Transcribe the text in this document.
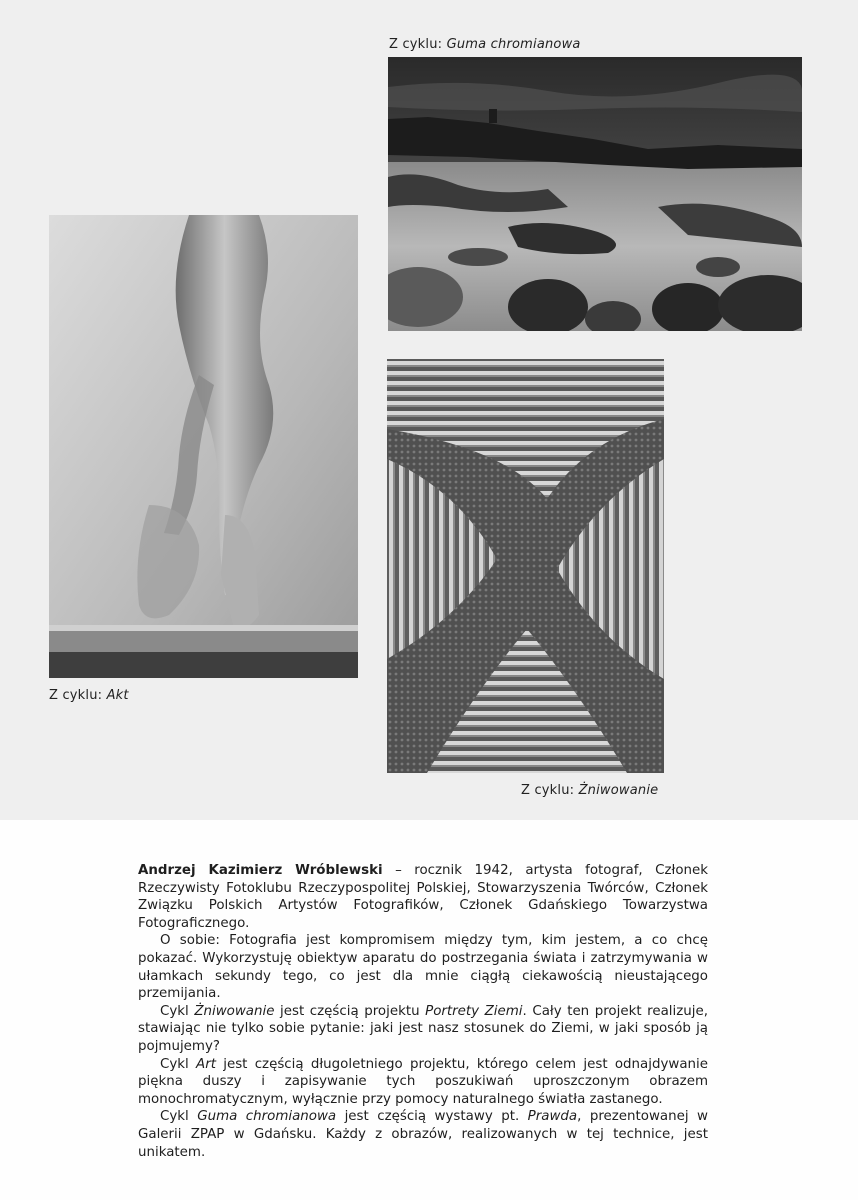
Z cyklu: Guma chromianowa
Z cyklu: Akt
Z cyklu: Żniwowanie

Andrzej Kazimierz Wróblewski – rocznik 1942, artysta fotograf, Członek Rzeczywisty Fotoklubu Rzeczypospolitej Polskiej, Stowarzyszenia Twórców, Członek Związku Polskich Artystów Fotografików, Członek Gdańskiego Towarzystwa Fotograficznego.

O sobie: Fotografia jest kompromisem między tym, kim jestem, a co chcę pokazać. Wykorzystuję obiektyw aparatu do postrzegania świata i zatrzymywania w ułamkach sekundy tego, co jest dla mnie ciągłą ciekawością nieustającego przemijania.

Cykl Żniwowanie jest częścią projektu Portrety Ziemi. Cały ten projekt realizuje, stawiając nie tylko sobie pytanie: jaki jest nasz stosunek do Ziemi, w jaki sposób ją pojmujemy?

Cykl Art jest częścią długoletniego projektu, którego celem jest odnajdywanie piękna duszy i zapisywanie tych poszukiwań uproszczonym obrazem monochromatycznym, wyłącznie przy pomocy naturalnego światła zastanego.

Cykl Guma chromianowa jest częścią wystawy pt. Prawda, prezentowanej w Galerii ZPAP w Gdańsku. Każdy z obrazów, realizowanych w tej technice, jest unikatem.
